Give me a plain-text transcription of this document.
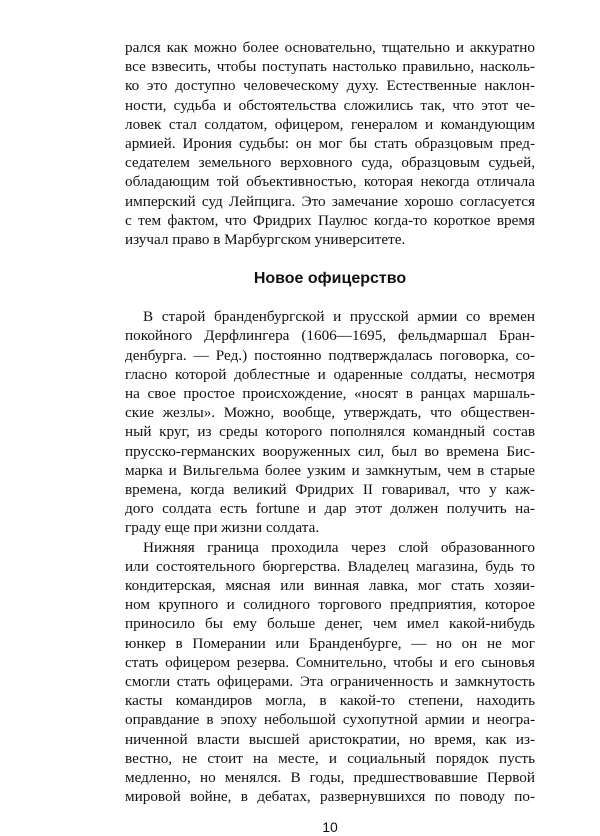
рался как можно более основательно, тщательно и аккуратно
все взвесить, чтобы поступать настолько правильно, насколь-
ко это доступно человеческому духу. Естественные наклон-
ности, судьба и обстоятельства сложились так, что этот че-
ловек стал солдатом, офицером, генералом и командующим
армией. Ирония судьбы: он мог бы стать образцовым пред-
седателем земельного верховного суда, образцовым судьей,
обладающим той объективностью, которая некогда отличала
имперский суд Лейпцига. Это замечание хорошо согласуется
с тем фактом, что Фридрих Паулюс когда-то короткое время
изучал право в Марбургском университете.
Новое офицерство
В старой бранденбургской и прусской армии со времен
покойного Дерфлингера (1606—1695, фельдмаршал Бран-
денбурга. — Ред.) постоянно подтверждалась поговорка, со-
гласно которой доблестные и одаренные солдаты, несмотря
на свое простое происхождение, «носят в ранцах маршаль-
ские жезлы». Можно, вообще, утверждать, что обществен-
ный круг, из среды которого пополнялся командный состав
прусско-германских вооруженных сил, был во времена Бис-
марка и Вильгельма более узким и замкнутым, чем в старые
времена, когда великий Фридрих II говаривал, что у каж-
дого солдата есть fortune и дар этот должен получить на-
граду еще при жизни солдата.
Нижняя граница проходила через слой образованного
или состоятельного бюргерства. Владелец магазина, будь то
кондитерская, мясная или винная лавка, мог стать хозяи-
ном крупного и солидного торгового предприятия, которое
приносило бы ему больше денег, чем имел какой-нибудь
юнкер в Померании или Бранденбурге, — но он не мог
стать офицером резерва. Сомнительно, чтобы и его сыновья
смогли стать офицерами. Эта ограниченность и замкнутость
касты командиров могла, в какой-то степени, находить
оправдание в эпоху небольшой сухопутной армии и неогра-
ниченной власти высшей аристократии, но время, как из-
вестно, не стоит на месте, и социальный порядок пусть
медленно, но менялся. В годы, предшествовавшие Первой
мировой войне, в дебатах, развернувшихся по поводу по-
10
